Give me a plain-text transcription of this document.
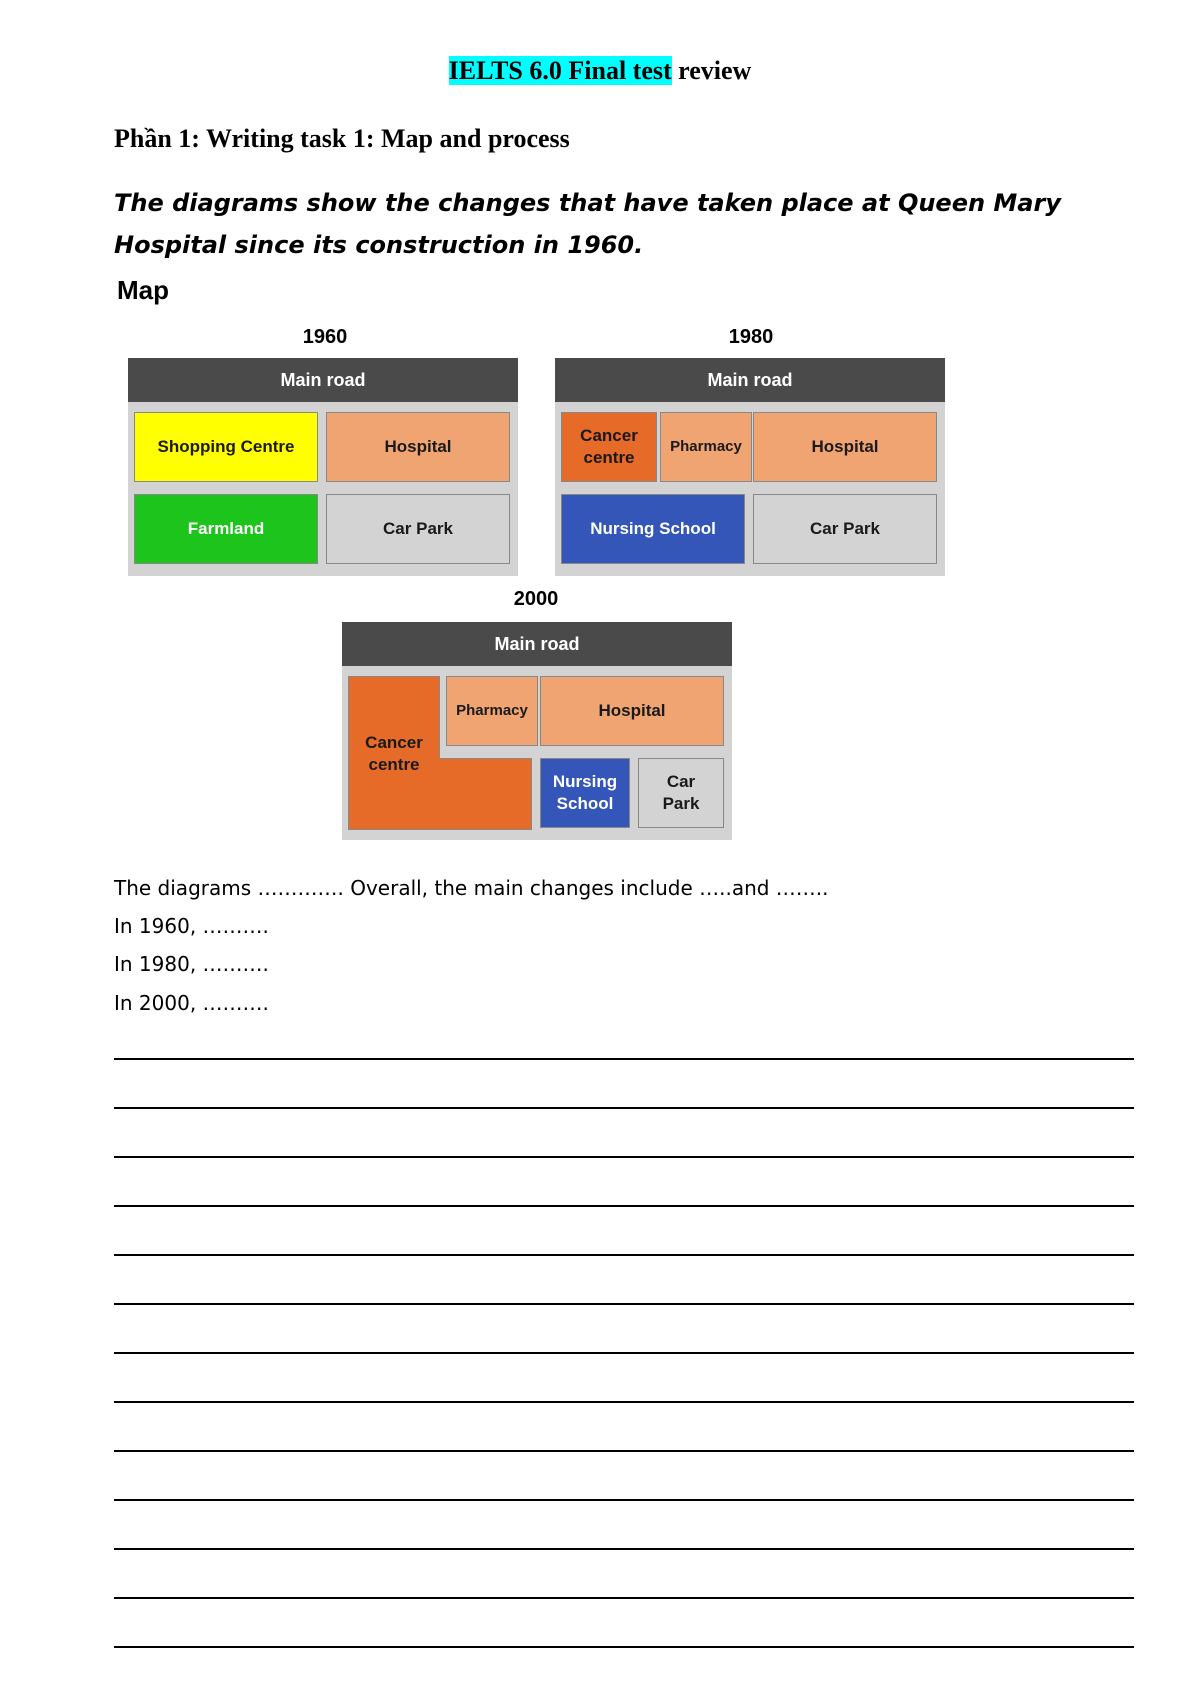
IELTS 6.0 Final test review
Phần 1: Writing task 1: Map and process
The diagrams show the changes that have taken place at Queen Mary Hospital since its construction in 1960.
Map
1960
Main road
Shopping Centre	Hospital
Farmland	Car Park
1980
Main road
Cancer centre
Pharmacy	Hospital
Nursing School	Car Park
2000
Main road
Cancer centre
Pharmacy	Hospital
Nursing School
Car Park
The diagrams …………. Overall, the main changes include …..and ……..
In 1960, ……….
In 1980, ……….
In 2000, ……….
